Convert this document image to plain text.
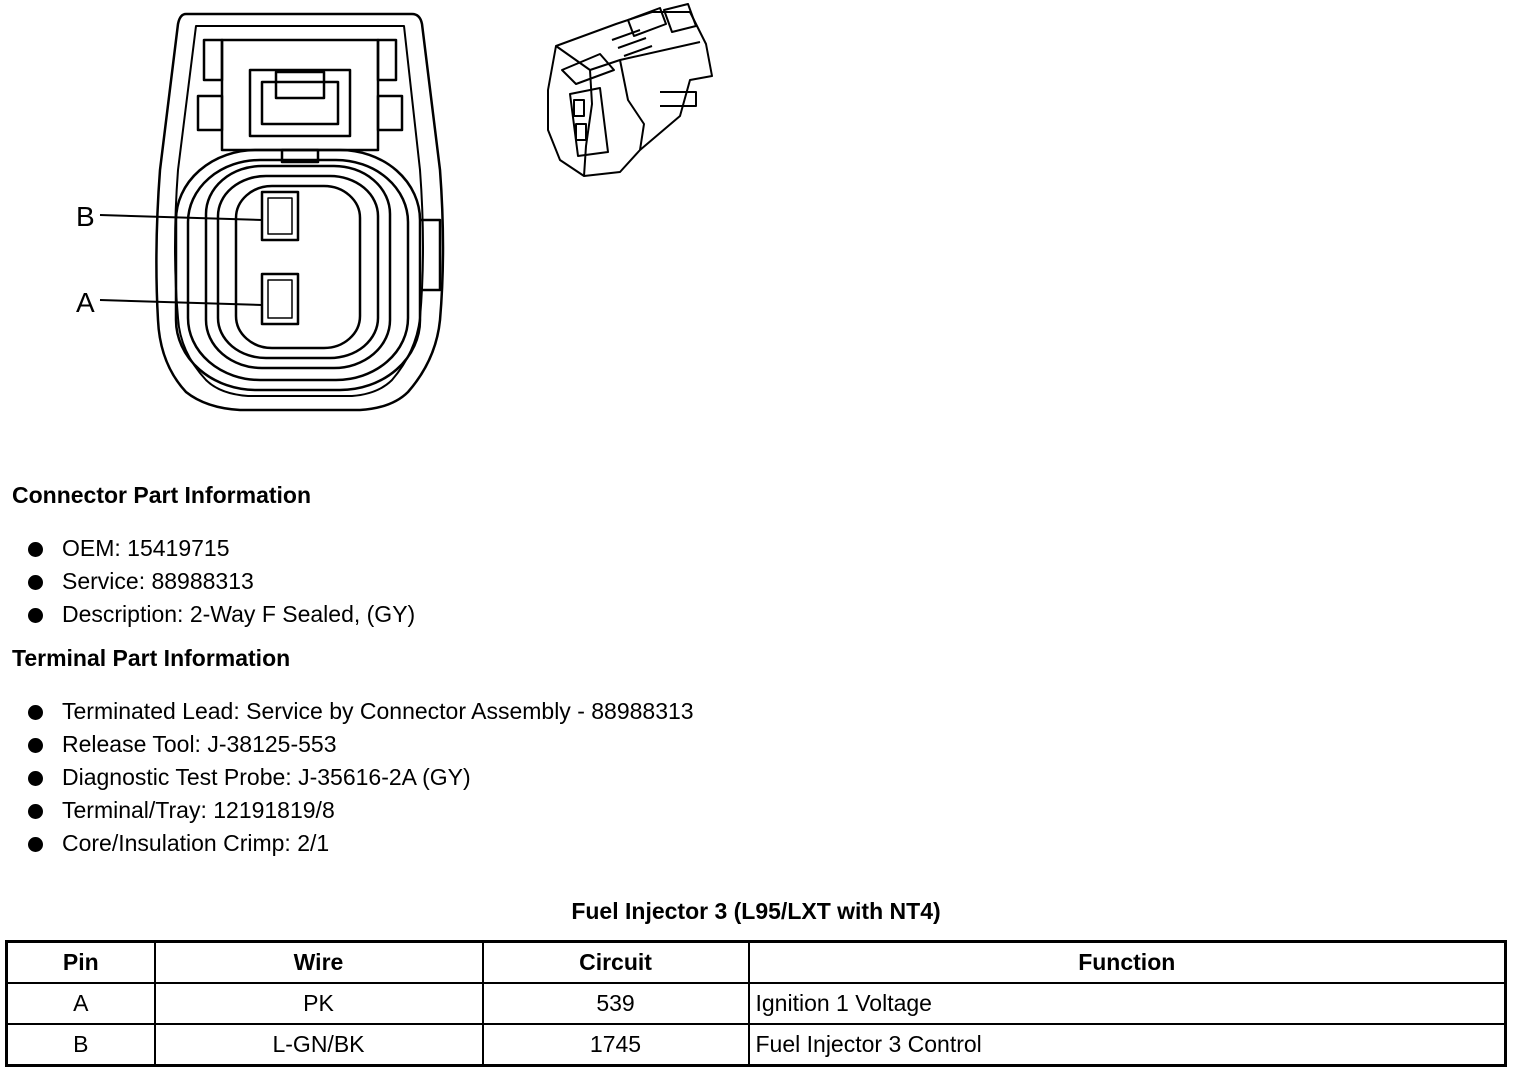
B
A
Connector Part Information
OEM: 15419715
Service: 88988313
Description: 2-Way F Sealed, (GY)
Terminal Part Information
Terminated Lead: Service by Connector Assembly - 88988313
Release Tool: J-38125-553
Diagnostic Test Probe: J-35616-2A (GY)
Terminal/Tray: 12191819/8
Core/Insulation Crimp: 2/1
Fuel Injector 3 (L95/LXT with NT4)
Pin	Wire	Circuit	Function
A	PK	539	Ignition 1 Voltage
B	L-GN/BK	1745	Fuel Injector 3 Control
